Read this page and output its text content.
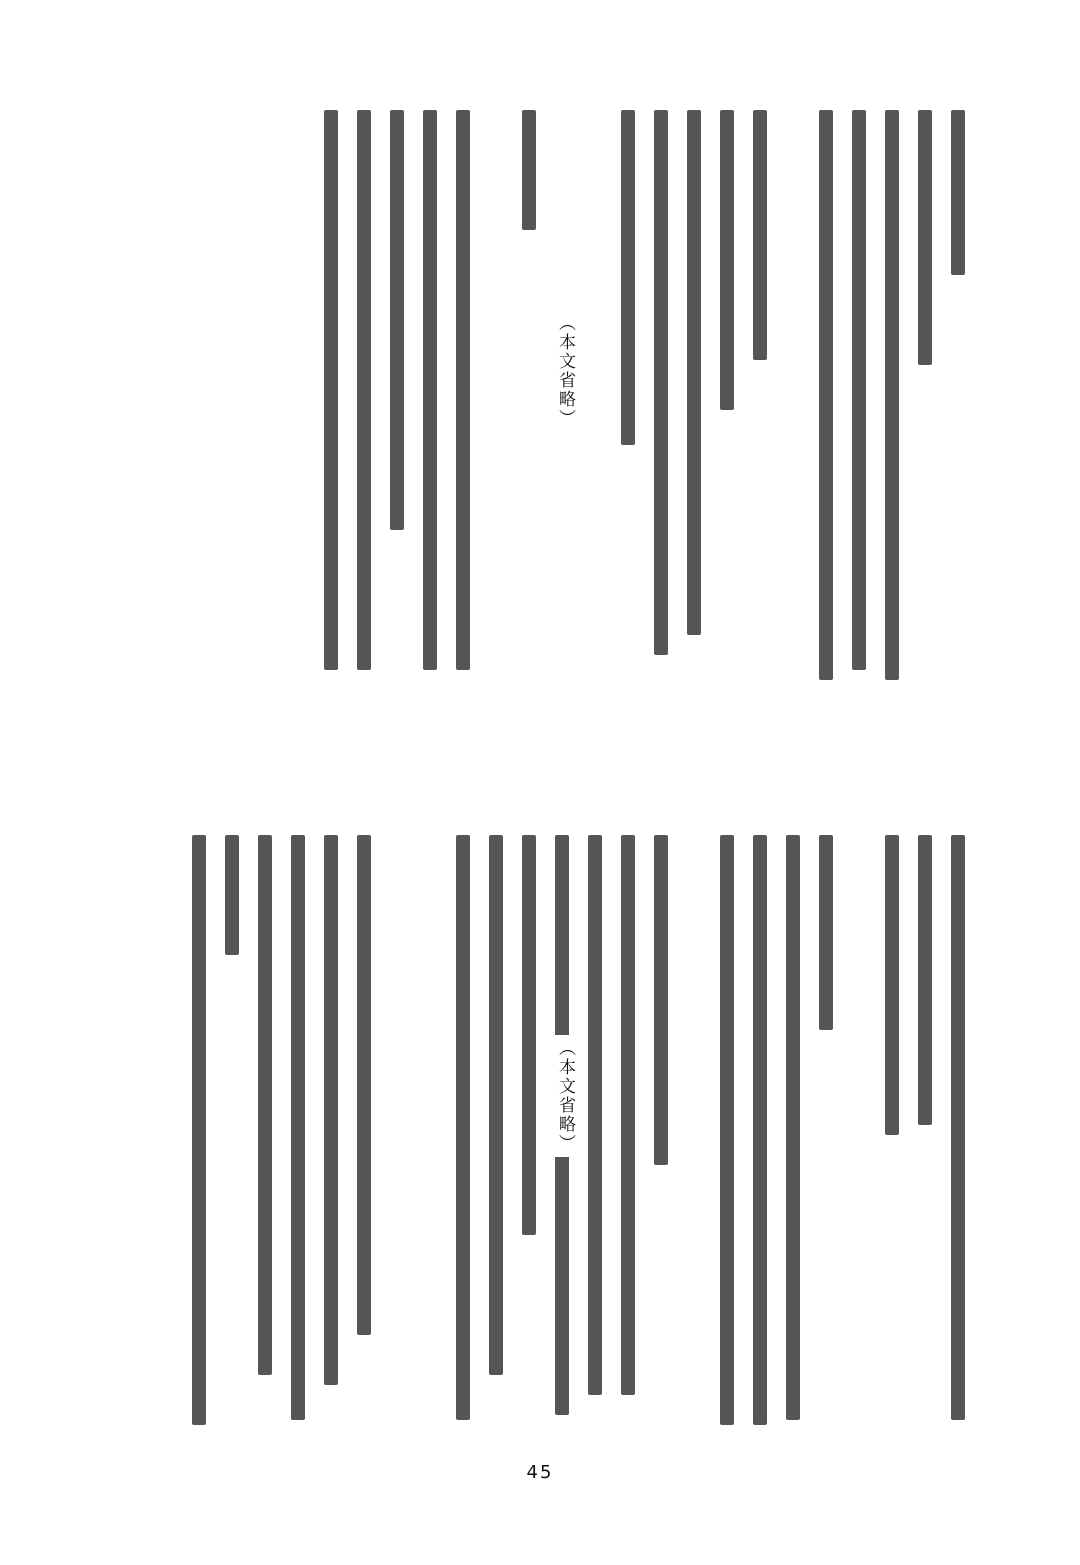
（本文省略）
（本文省略）
45
